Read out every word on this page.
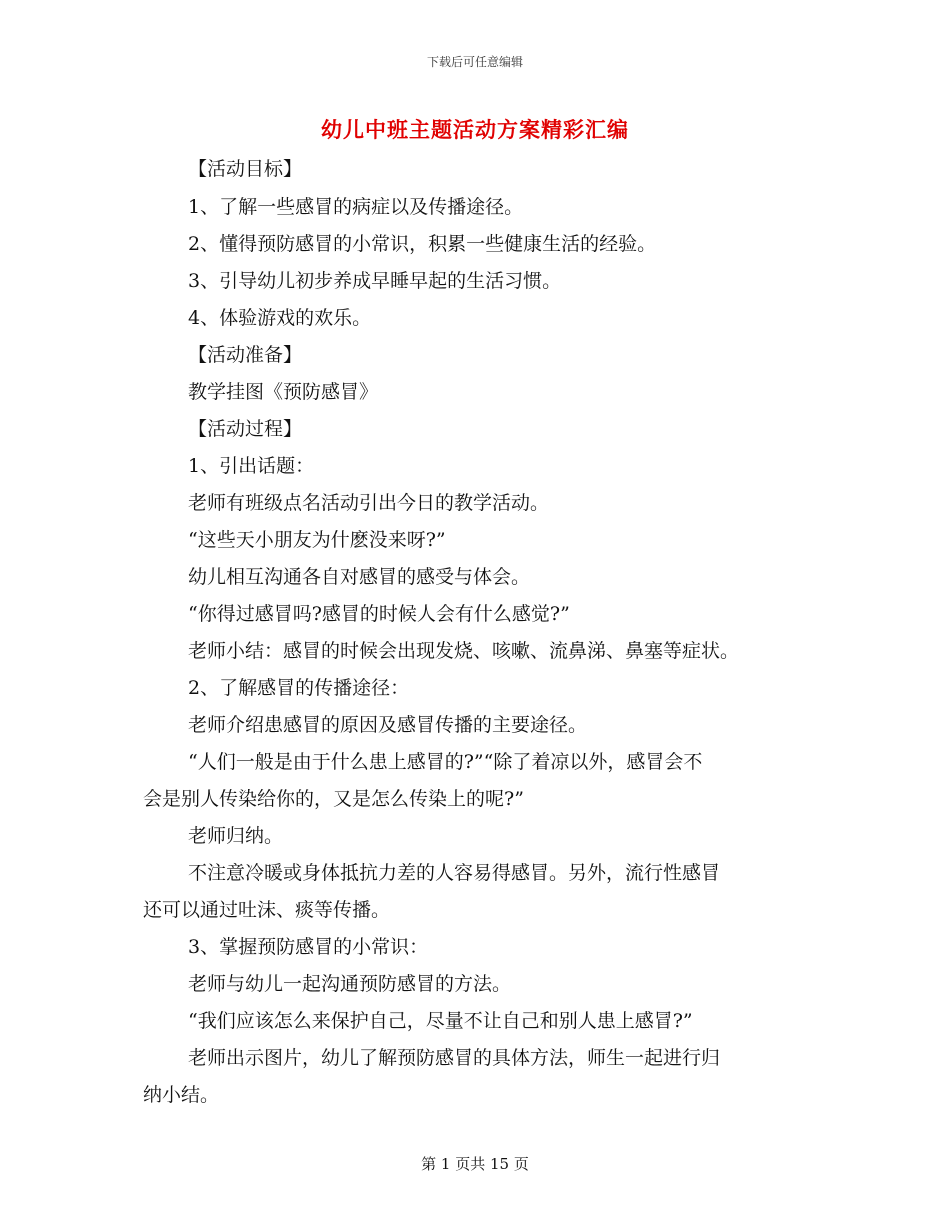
下载后可任意编辑
幼儿中班主题活动方案精彩汇编
【活动目标】
1、了解一些感冒的病症以及传播途径。
2、懂得预防感冒的小常识，积累一些健康生活的经验。
3、引导幼儿初步养成早睡早起的生活习惯。
4、体验游戏的欢乐。
【活动准备】
教学挂图《预防感冒》
【活动过程】
1、引出话题：
老师有班级点名活动引出今日的教学活动。
“这些天小朋友为什麽没来呀?”
幼儿相互沟通各自对感冒的感受与体会。
“你得过感冒吗?感冒的时候人会有什么感觉?”
老师小结：感冒的时候会出现发烧、咳嗽、流鼻涕、鼻塞等症状。
2、了解感冒的传播途径：
老师介绍患感冒的原因及感冒传播的主要途径。
“人们一般是由于什么患上感冒的?”“除了着凉以外，感冒会不
会是别人传染给你的，又是怎么传染上的呢?”
老师归纳。
不注意冷暖或身体抵抗力差的人容易得感冒。另外，流行性感冒
还可以通过吐沫、痰等传播。
3、掌握预防感冒的小常识：
老师与幼儿一起沟通预防感冒的方法。
“我们应该怎么来保护自己，尽量不让自己和别人患上感冒?”
老师出示图片，幼儿了解预防感冒的具体方法，师生一起进行归
纳小结。
第 1 页共 15 页
